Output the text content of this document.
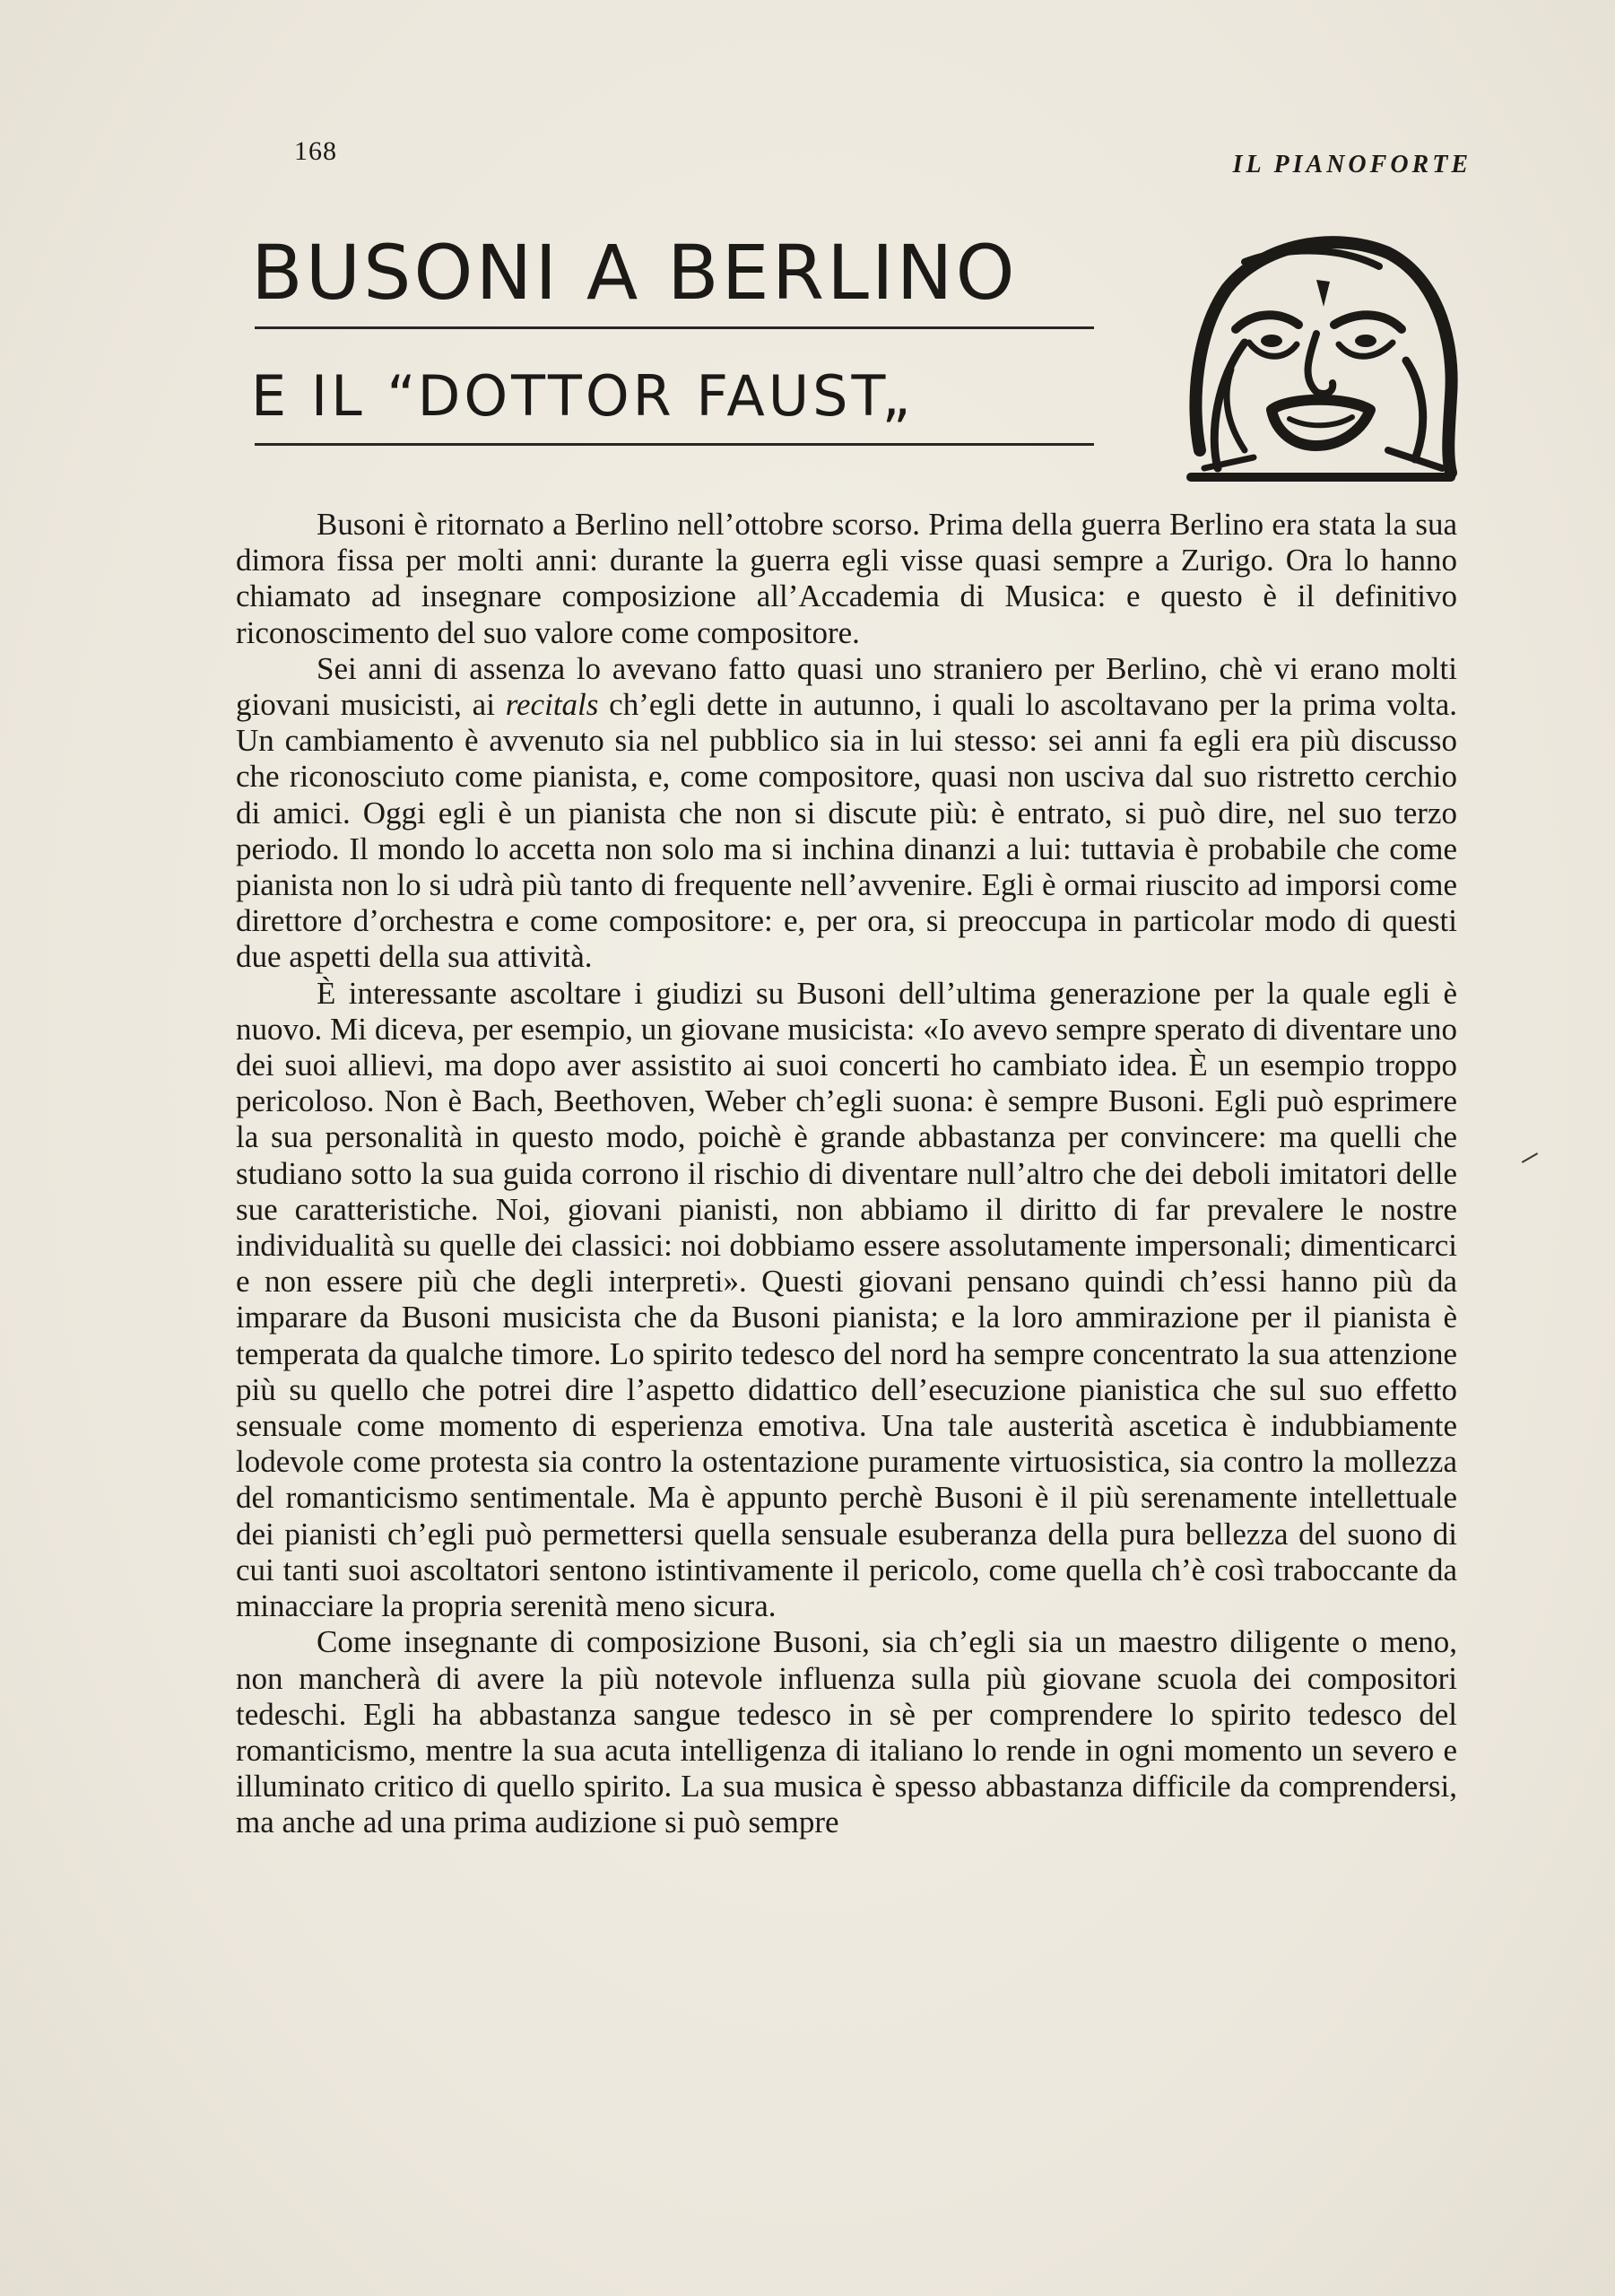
168	IL PIANOFORTE
BUSONI A BERLINO
E IL “DOTTOR FAUST„

Busoni è ritornato a Berlino nell’ottobre scorso. Prima della guerra Berlino era stata la sua dimora fissa per molti anni: durante la guerra egli visse quasi sempre a Zurigo. Ora lo hanno chiamato ad insegnare composizione all’Accademia di Musica: e questo è il definitivo riconoscimento del suo valore come compositore.

Sei anni di assenza lo avevano fatto quasi uno straniero per Berlino, chè vi erano molti giovani musicisti, ai recitals ch’egli dette in autunno, i quali lo ascoltavano per la prima volta. Un cambiamento è avvenuto sia nel pubblico sia in lui stesso: sei anni fa egli era più discusso che riconosciuto come pianista, e, come compositore, quasi non usciva dal suo ristretto cerchio di amici. Oggi egli è un pianista che non si discute più: è entrato, si può dire, nel suo terzo periodo. Il mondo lo accetta non solo ma si inchina dinanzi a lui: tuttavia è probabile che come pianista non lo si udrà più tanto di frequente nell’avvenire. Egli è ormai riuscito ad imporsi come direttore d’orchestra e come compositore: e, per ora, si preoccupa in particolar modo di questi due aspetti della sua attività.

È interessante ascoltare i giudizi su Busoni dell’ultima generazione per la quale egli è nuovo. Mi diceva, per esempio, un giovane musicista: «Io avevo sempre sperato di diventare uno dei suoi allievi, ma dopo aver assistito ai suoi concerti ho cambiato idea. È un esempio troppo pericoloso. Non è Bach, Beethoven, Weber ch’egli suona: è sempre Busoni. Egli può esprimere la sua personalità in questo modo, poichè è grande abbastanza per convincere: ma quelli che studiano sotto la sua guida corrono il rischio di diventare null’altro che dei deboli imitatori delle sue caratteristiche. Noi, giovani pianisti, non abbiamo il diritto di far prevalere le nostre individualità su quelle dei classici: noi dobbiamo essere assolutamente impersonali; dimenticarci e non essere più che degli interpreti». Questi giovani pensano quindi ch’essi hanno più da imparare da Busoni musicista che da Busoni pianista; e la loro ammirazione per il pianista è temperata da qualche timore. Lo spirito tedesco del nord ha sempre concentrato la sua attenzione più su quello che potrei dire l’aspetto didattico dell’esecuzione pianistica che sul suo effetto sensuale come momento di esperienza emotiva. Una tale austerità ascetica è indubbiamente lodevole come protesta sia contro la ostentazione puramente virtuosistica, sia contro la mollezza del romanticismo sentimentale. Ma è appunto perchè Busoni è il più serenamente intellettuale dei pianisti ch’egli può permettersi quella sensuale esuberanza della pura bellezza del suono di cui tanti suoi ascoltatori sentono istintivamente il pericolo, come quella ch’è così traboccante da minacciare la propria serenità meno sicura.

Come insegnante di composizione Busoni, sia ch’egli sia un maestro diligente o meno, non mancherà di avere la più notevole influenza sulla più giovane scuola dei compositori tedeschi. Egli ha abbastanza sangue tedesco in sè per comprendere lo spirito tedesco del romanticismo, mentre la sua acuta intelligenza di italiano lo rende in ogni momento un severo e illuminato critico di quello spirito. La sua musica è spesso abbastanza difficile da comprendersi, ma anche ad una prima audizione si può sempre
